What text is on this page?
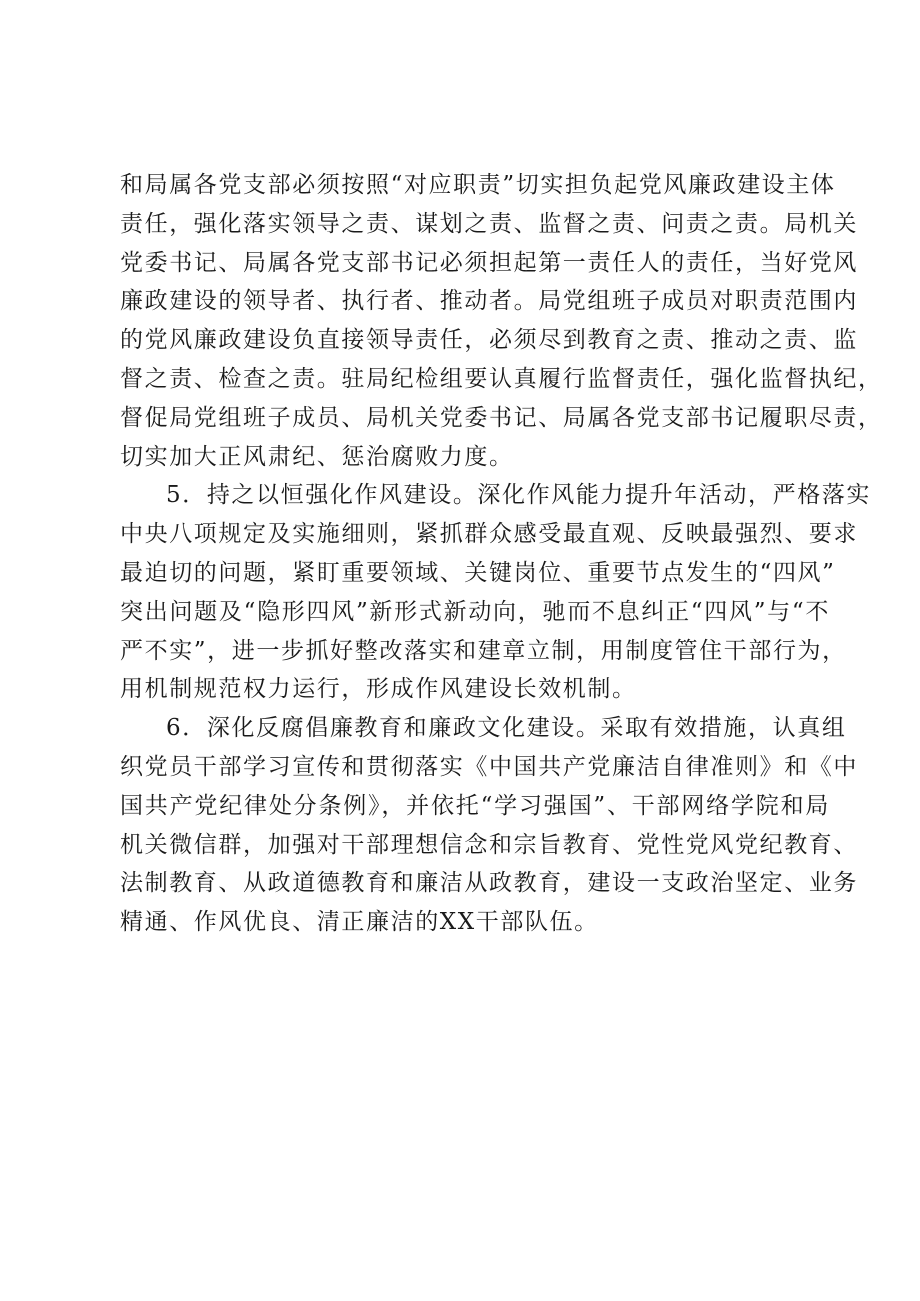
和局属各党支部必须按照“对应职责”切实担负起党风廉政建设主体
责任，强化落实领导之责、谋划之责、监督之责、问责之责。局机关
党委书记、局属各党支部书记必须担起第一责任人的责任，当好党风
廉政建设的领导者、执行者、推动者。局党组班子成员对职责范围内
的党风廉政建设负直接领导责任，必须尽到教育之责、推动之责、监
督之责、检查之责。驻局纪检组要认真履行监督责任，强化监督执纪，
督促局党组班子成员、局机关党委书记、局属各党支部书记履职尽责，
切实加大正风肃纪、惩治腐败力度。

5．持之以恒强化作风建设。深化作风能力提升年活动，严格落实
中央八项规定及实施细则，紧抓群众感受最直观、反映最强烈、要求
最迫切的问题，紧盯重要领域、关键岗位、重要节点发生的“四风”
突出问题及“隐形四风”新形式新动向，驰而不息纠正“四风”与“不
严不实”，进一步抓好整改落实和建章立制，用制度管住干部行为，
用机制规范权力运行，形成作风建设长效机制。

6．深化反腐倡廉教育和廉政文化建设。采取有效措施，认真组
织党员干部学习宣传和贯彻落实《中国共产党廉洁自律准则》和《中
国共产党纪律处分条例》，并依托“学习强国”、干部网络学院和局
机关微信群，加强对干部理想信念和宗旨教育、党性党风党纪教育、
法制教育、从政道德教育和廉洁从政教育，建设一支政治坚定、业务
精通、作风优良、清正廉洁的XX干部队伍。
